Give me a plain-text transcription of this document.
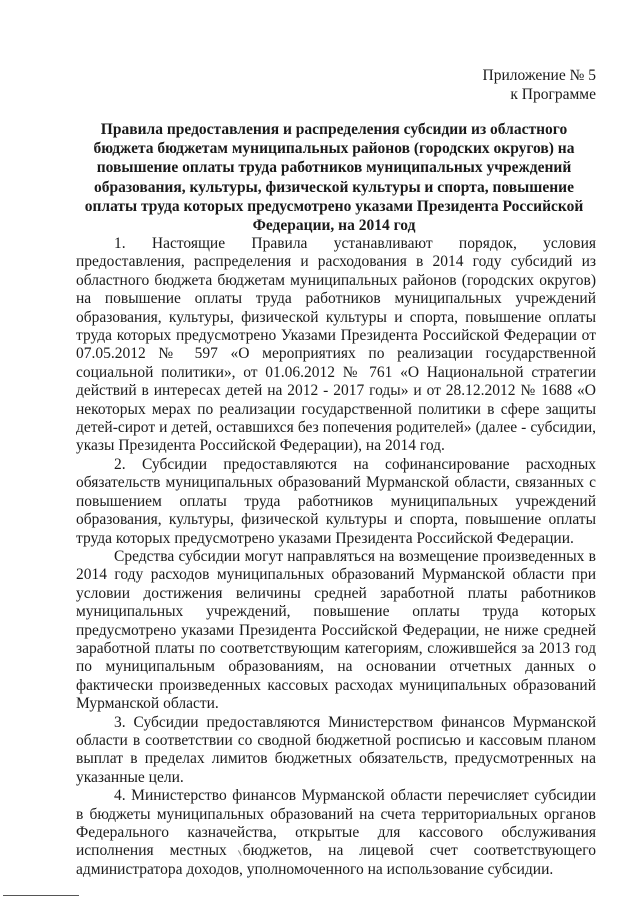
Приложение № 5
к Программе
Правила предоставления и распределения субсидии из областного бюджета бюджетам муниципальных районов (городских округов) на повышение оплаты труда работников муниципальных учреждений образования, культуры, физической культуры и спорта, повышение оплаты труда которых предусмотрено указами Президента Российской Федерации, на 2014 год

1. Настоящие Правила устанавливают порядок, условия предоставления, распределения и расходования в 2014 году субсидий из областного бюджета бюджетам муниципальных районов (городских округов) на повышение оплаты труда работников муниципальных учреждений образования, культуры, физической культуры и спорта, повышение оплаты труда которых предусмотрено Указами Президента Российской Федерации от 07.05.2012 № 597 «О мероприятиях по реализации государственной социальной политики», от 01.06.2012 № 761 «О Национальной стратегии действий в интересах детей на 2012 - 2017 годы» и от 28.12.2012 № 1688 «О некоторых мерах по реализации государственной политики в сфере защиты детей-сирот и детей, оставшихся без попечения родителей» (далее - субсидии, указы Президента Российской Федерации), на 2014 год.

2. Субсидии предоставляются на софинансирование расходных обязательств муниципальных образований Мурманской области, связанных с повышением оплаты труда работников муниципальных учреждений образования, культуры, физической культуры и спорта, повышение оплаты труда которых предусмотрено указами Президента Российской Федерации.

Средства субсидии могут направляться на возмещение произведенных в 2014 году расходов муниципальных образований Мурманской области при условии достижения величины средней заработной платы работников муниципальных учреждений, повышение оплаты труда которых предусмотрено указами Президента Российской Федерации, не ниже средней заработной платы по соответствующим категориям, сложившейся за 2013 год по муниципальным образованиям, на основании отчетных данных о фактически произведенных кассовых расходах муниципальных образований Мурманской области.

3. Субсидии предоставляются Министерством финансов Мурманской области в соответствии со сводной бюджетной росписью и кассовым планом выплат в пределах лимитов бюджетных обязательств, предусмотренных на указанные цели.

4. Министерство финансов Мурманской области перечисляет субсидии в бюджеты муниципальных образований на счета территориальных органов Федерального казначейства, открытые для кассового обслуживания исполнения местных бюджетов, на лицевой счет соответствующего администратора доходов, уполномоченного на использование субсидии.
